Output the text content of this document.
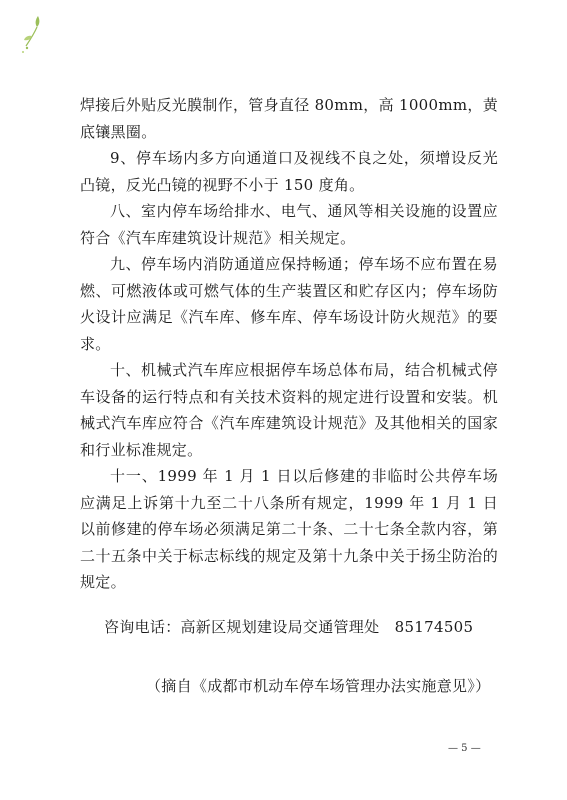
焊接后外贴反光膜制作，管身直径 80mm，高 1000mm，黄底镶黑圈。

9、停车场内多方向通道口及视线不良之处，须增设反光凸镜，反光凸镜的视野不小于 150 度角。

八、室内停车场给排水、电气、通风等相关设施的设置应符合《汽车库建筑设计规范》相关规定。

九、停车场内消防通道应保持畅通；停车场不应布置在易燃、可燃液体或可燃气体的生产装置区和贮存区内；停车场防火设计应满足《汽车库、修车库、停车场设计防火规范》的要求。

十、机械式汽车库应根据停车场总体布局，结合机械式停车设备的运行特点和有关技术资料的规定进行设置和安装。机械式汽车库应符合《汽车库建筑设计规范》及其他相关的国家和行业标准规定。

十一、1999 年 1 月 1 日以后修建的非临时公共停车场应满足上诉第十九至二十八条所有规定，1999 年 1 月 1 日以前修建的停车场必须满足第二十条、二十七条全款内容，第二十五条中关于标志标线的规定及第十九条中关于扬尘防治的规定。

咨询电话：高新区规划建设局交通管理处   85174505
（摘自《成都市机动车停车场管理办法实施意见》）
— 5 —
